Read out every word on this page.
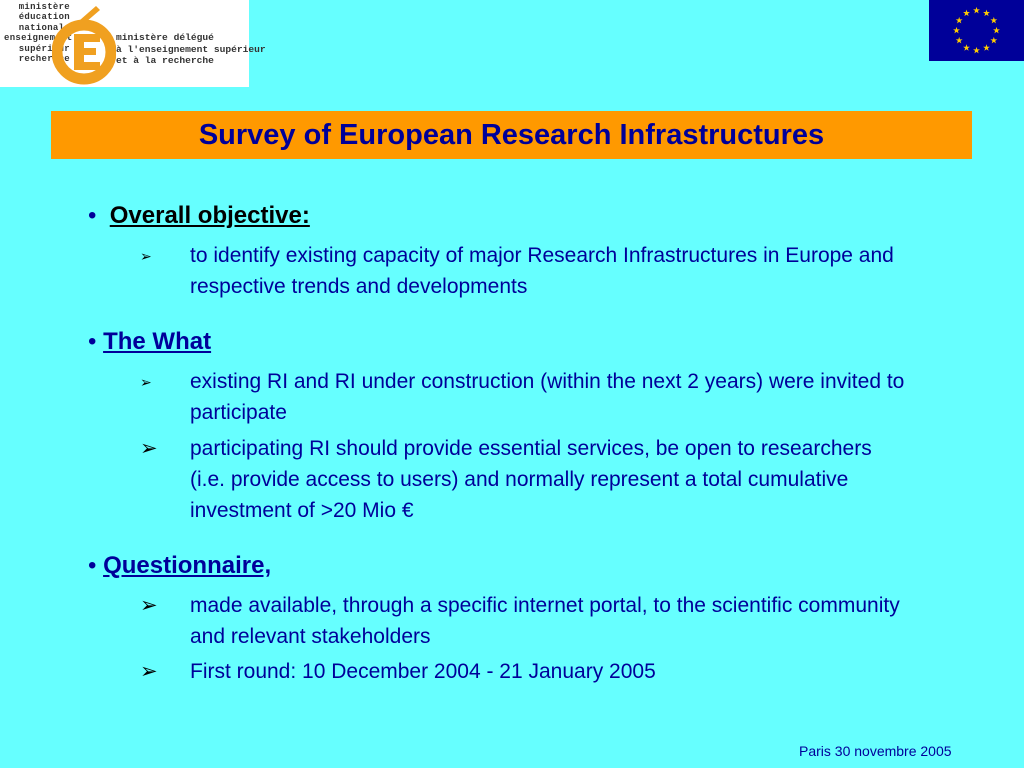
ministère
éducation
nationale
enseignement
supérieur
recherche
ministère délégué
à l'enseignement supérieur
et à la recherche
Survey of European Research Infrastructures
• Overall objective:
➢	to identify existing capacity of major Research Infrastructures in Europe and respective trends and developments
• The What
➢	existing RI and RI under construction (within the next 2 years) were invited to participate
➢ participating RI should provide essential services, be open to researchers (i.e. provide access to users) and normally represent a total cumulative investment of >20 Mio €
• Questionnaire,
➢ made available, through a specific internet portal, to the scientific community and relevant stakeholders
➢ First round: 10 December 2004 - 21 January 2005
Paris 30 novembre 2005
